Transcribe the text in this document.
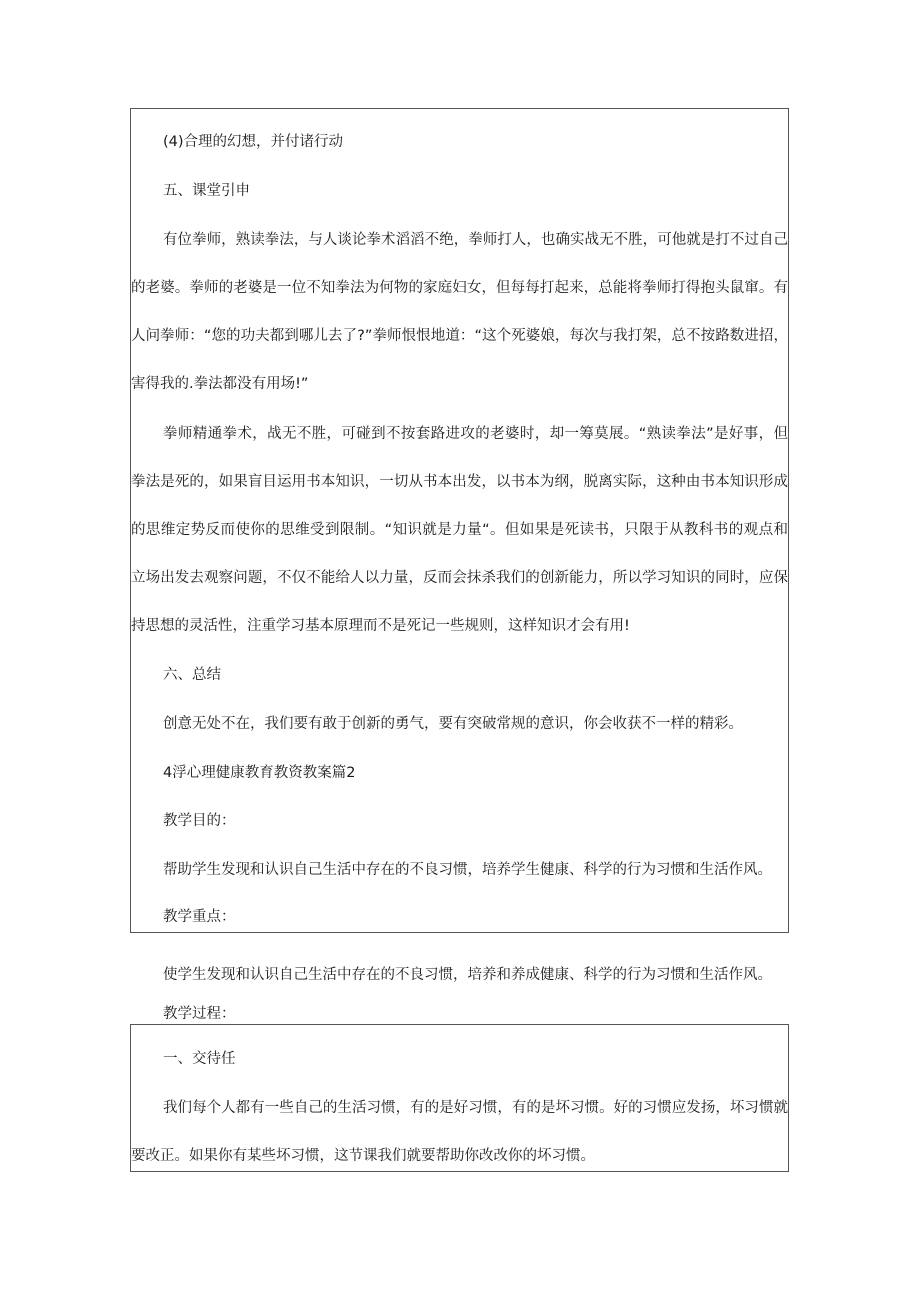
(4)合理的幻想，并付诸行动
五、课堂引申
有位拳师，熟读拳法，与人谈论拳术滔滔不绝，拳师打人，也确实战无不胜，可他就是打不过自己
的老婆。拳师的老婆是一位不知拳法为何物的家庭妇女，但每每打起来，总能将拳师打得抱头鼠窜。有
人问拳师：“您的功夫都到哪儿去了?”拳师恨恨地道：“这个死婆娘，每次与我打架，总不按路数进招，
害得我的.拳法都没有用场!”
拳师精通拳术，战无不胜，可碰到不按套路进攻的老婆时，却一筹莫展。“熟读拳法”是好事，但
拳法是死的，如果盲目运用书本知识，一切从书本出发，以书本为纲，脱离实际，这种由书本知识形成
的思维定势反而使你的思维受到限制。“知识就是力量“。但如果是死读书，只限于从教科书的观点和
立场出发去观察问题，不仅不能给人以力量，反而会抹杀我们的创新能力，所以学习知识的同时，应保
持思想的灵活性，注重学习基本原理而不是死记一些规则，这样知识才会有用!
六、总结
创意无处不在，我们要有敢于创新的勇气，要有突破常规的意识，你会收获不一样的精彩。
4浮心理健康教育教资教案篇2
教学目的：
帮助学生发现和认识自己生活中存在的不良习惯，培养学生健康、科学的行为习惯和生活作风。
教学重点：
使学生发现和认识自己生活中存在的不良习惯，培养和养成健康、科学的行为习惯和生活作风。
教学过程：
一、交待任
我们每个人都有一些自己的生活习惯，有的是好习惯，有的是坏习惯。好的习惯应发扬，坏习惯就
要改正。如果你有某些坏习惯，这节课我们就要帮助你改改你的坏习惯。
